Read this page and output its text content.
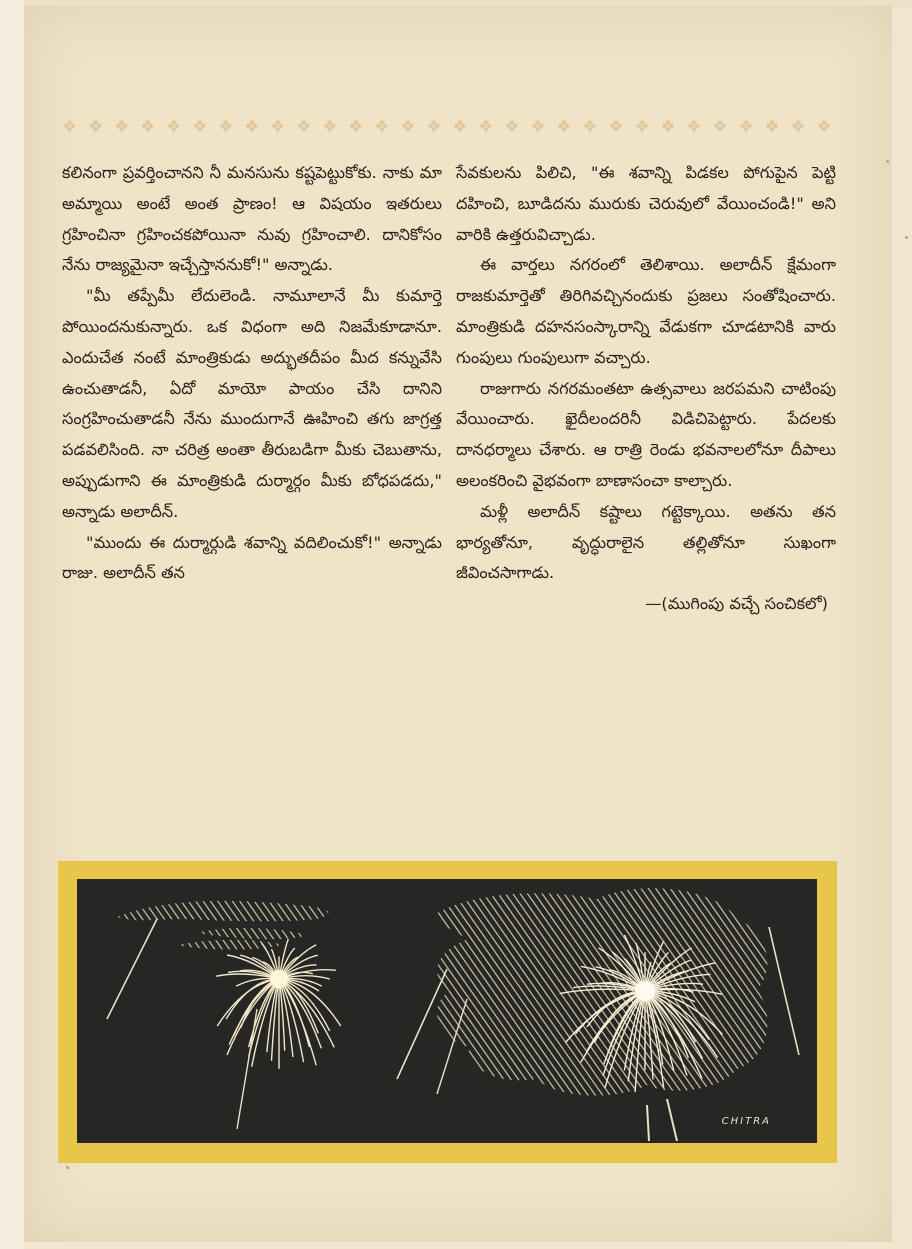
❖ ❖ ❖ ❖ ❖ ❖ ❖ ❖ ❖ ❖ ❖ ❖ ❖ ❖ ❖ ❖ ❖ ❖ ❖ ❖ ❖ ❖ ❖ ❖ ❖ ❖ ❖ ❖ ❖ ❖

కలినంగా ప్రవర్తించానని నీ మనసును కష్టపెట్టుకోకు. నాకు మా అమ్మాయి అంటే అంత ప్రాణం! ఆ విషయం ఇతరులు గ్రహించినా గ్రహించకపోయినా నువు గ్రహించాలి. దానికోసం నేను రాజ్యమైనా ఇచ్చేస్తాననుకో!" అన్నాడు.

"మీ తప్పేమీ లేదులెండి. నామూలానే మీ కుమార్తె పోయిందనుకున్నారు. ఒక విధంగా అది నిజమేకూడానూ. ఎందుచేత నంటే మాంత్రికుడు అద్భుతదీపం మీద కన్నువేసి ఉంచుతాడనీ, ఏదో మాయో పాయం చేసి దానిని సంగ్రహించుతాడనీ నేను ముందుగానే ఊహించి తగు జాగ్రత్త పడవలిసింది. నా చరిత్ర అంతా తీరుబడిగా మీకు చెబుతాను, అప్పుడుగాని ఈ మాంత్రికుడి దుర్మార్గం మీకు బోధపడదు," అన్నాడు అలాదీన్.

"ముందు ఈ దుర్మార్గుడి శవాన్ని వదిలించుకో!" అన్నాడు రాజు. అలాదీన్ తన

సేవకులను పిలిచి, "ఈ శవాన్ని పిడకల పోగుపైన పెట్టి దహించి, బూడిదను మురుకు చెరువులో వేయించండి!" అని వారికి ఉత్తరువిచ్చాడు.

ఈ వార్తలు నగరంలో తెలిశాయి. అలాదీన్ క్షేమంగా రాజకుమార్తెతో తిరిగివచ్చినందుకు ప్రజలు సంతోషించారు. మాంత్రికుడి దహనసంస్కారాన్ని వేడుకగా చూడటానికి వారు గుంపులు గుంపులుగా వచ్చారు.

రాజుగారు నగరమంతటా ఉత్సవాలు జరపమని చాటింపు వేయించారు. ఖైదీలందరినీ విడిచిపెట్టారు. పేదలకు దానధర్మాలు చేశారు. ఆ రాత్రి రెండు భవనాలలోనూ దీపాలు అలంకరించి వైభవంగా బాణాసంచా కాల్చారు.

మళ్లీ అలాదీన్ కష్టాలు గట్టెక్కాయి. అతను తన భార్యతోనూ, వృద్ధురాలైన తల్లితోనూ సుఖంగా జీవించసాగాడు.

—(ముగింపు వచ్చే సంచికలో)

CHITRA
